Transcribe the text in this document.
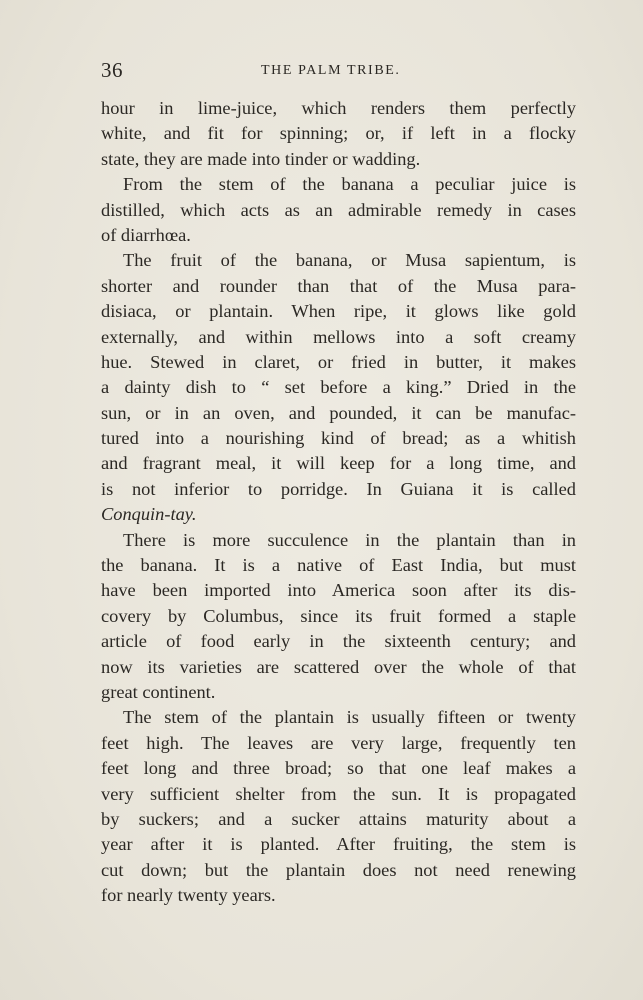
36	THE PALM TRIBE.
hour in lime-juice, which renders them perfectly
white, and fit for spinning; or, if left in a flocky
state, they are made into tinder or wadding.
From the stem of the banana a peculiar juice is
distilled, which acts as an admirable remedy in cases
of diarrhœa.
The fruit of the banana, or Musa sapientum, is
shorter and rounder than that of the Musa para-
disiaca, or plantain. When ripe, it glows like gold
externally, and within mellows into a soft creamy
hue. Stewed in claret, or fried in butter, it makes
a dainty dish to “ set before a king.” Dried in the
sun, or in an oven, and pounded, it can be manufac-
tured into a nourishing kind of bread; as a whitish
and fragrant meal, it will keep for a long time, and
is not inferior to porridge. In Guiana it is called
Conquin-tay.
There is more succulence in the plantain than in
the banana. It is a native of East India, but must
have been imported into America soon after its dis-
covery by Columbus, since its fruit formed a staple
article of food early in the sixteenth century; and
now its varieties are scattered over the whole of that
great continent.
The stem of the plantain is usually fifteen or twenty
feet high. The leaves are very large, frequently ten
feet long and three broad; so that one leaf makes a
very sufficient shelter from the sun. It is propagated
by suckers; and a sucker attains maturity about a
year after it is planted. After fruiting, the stem is
cut down; but the plantain does not need renewing
for nearly twenty years.
